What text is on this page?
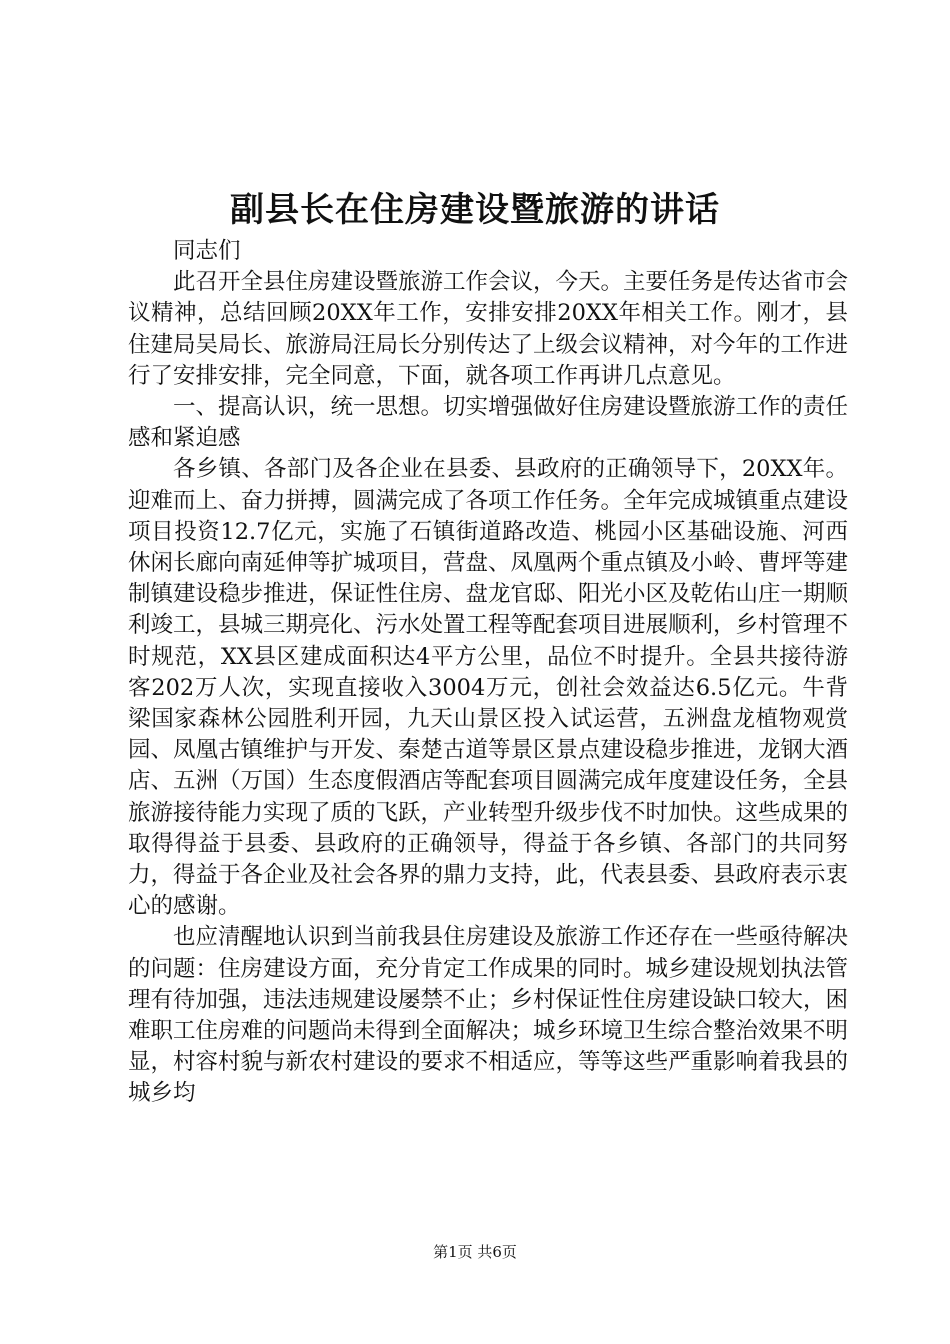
副县长在住房建设暨旅游的讲话

同志们

此召开全县住房建设暨旅游工作会议，今天。主要任务是传达省市会议精神，总结回顾20XX年工作，安排安排20XX年相关工作。刚才，县住建局吴局长、旅游局汪局长分别传达了上级会议精神，对今年的工作进行了安排安排，完全同意，下面，就各项工作再讲几点意见。

一、提高认识，统一思想。切实增强做好住房建设暨旅游工作的责任感和紧迫感

各乡镇、各部门及各企业在县委、县政府的正确领导下，20XX年。迎难而上、奋力拼搏，圆满完成了各项工作任务。全年完成城镇重点建设项目投资12.7亿元，实施了石镇街道路改造、桃园小区基础设施、河西休闲长廊向南延伸等扩城项目，营盘、凤凰两个重点镇及小岭、曹坪等建制镇建设稳步推进，保证性住房、盘龙官邸、阳光小区及乾佑山庄一期顺利竣工，县城三期亮化、污水处置工程等配套项目进展顺利，乡村管理不时规范，XX县区建成面积达4平方公里，品位不时提升。全县共接待游客202万人次，实现直接收入3004万元，创社会效益达6.5亿元。牛背梁国家森林公园胜利开园，九天山景区投入试运营，五洲盘龙植物观赏园、凤凰古镇维护与开发、秦楚古道等景区景点建设稳步推进，龙钢大酒店、五洲（万国）生态度假酒店等配套项目圆满完成年度建设任务，全县旅游接待能力实现了质的飞跃，产业转型升级步伐不时加快。这些成果的取得得益于县委、县政府的正确领导，得益于各乡镇、各部门的共同努力，得益于各企业及社会各界的鼎力支持，此，代表县委、县政府表示衷心的感谢。

也应清醒地认识到当前我县住房建设及旅游工作还存在一些亟待解决的问题：住房建设方面，充分肯定工作成果的同时。城乡建设规划执法管理有待加强，违法违规建设屡禁不止；乡村保证性住房建设缺口较大，困难职工住房难的问题尚未得到全面解决；城乡环境卫生综合整治效果不明显，村容村貌与新农村建设的要求不相适应，等等这些严重影响着我县的城乡均

第1页 共6页
